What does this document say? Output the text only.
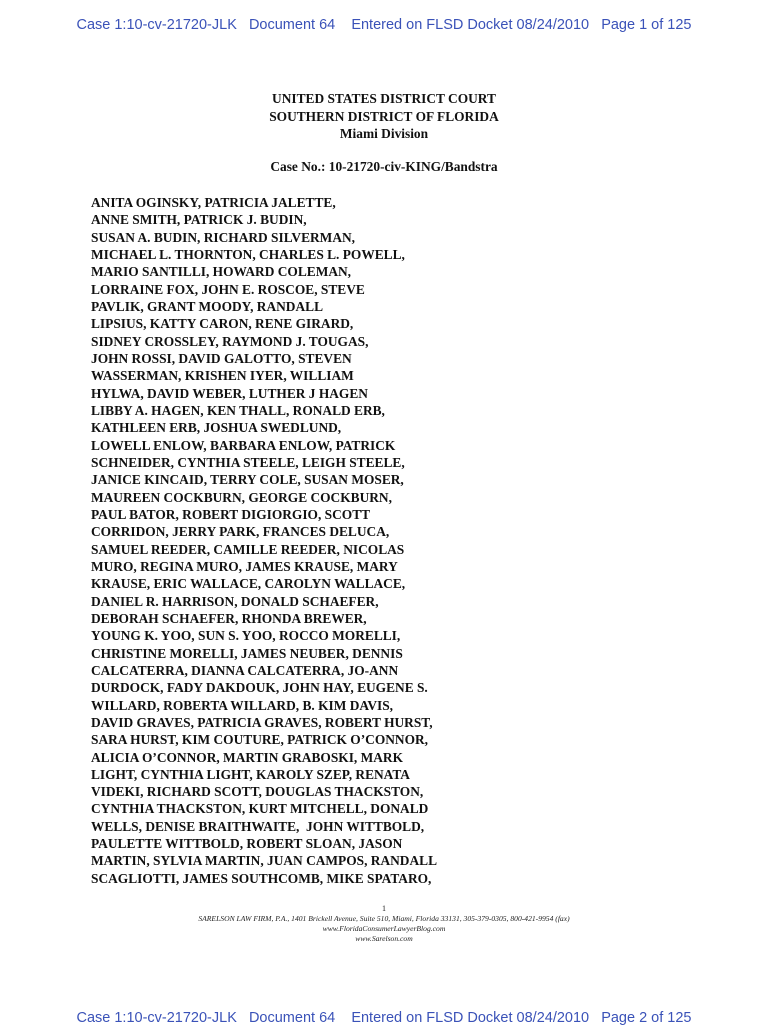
Case 1:10-cv-21720-JLK   Document 64    Entered on FLSD Docket 08/24/2010   Page 1 of 125
UNITED STATES DISTRICT COURT
SOUTHERN DISTRICT OF FLORIDA
Miami Division
Case No.: 10-21720-civ-KING/Bandstra
ANITA OGINSKY, PATRICIA JALETTE,
ANNE SMITH, PATRICK J. BUDIN,
SUSAN A. BUDIN, RICHARD SILVERMAN,
MICHAEL L. THORNTON, CHARLES L. POWELL,
MARIO SANTILLI, HOWARD COLEMAN,
LORRAINE FOX, JOHN E. ROSCOE, STEVE
PAVLIK, GRANT MOODY, RANDALL
LIPSIUS, KATTY CARON, RENE GIRARD,
SIDNEY CROSSLEY, RAYMOND J. TOUGAS,
JOHN ROSSI, DAVID GALOTTO, STEVEN
WASSERMAN, KRISHEN IYER, WILLIAM
HYLWA, DAVID WEBER, LUTHER J HAGEN
LIBBY A. HAGEN, KEN THALL, RONALD ERB,
KATHLEEN ERB, JOSHUA SWEDLUND,
LOWELL ENLOW, BARBARA ENLOW, PATRICK
SCHNEIDER, CYNTHIA STEELE, LEIGH STEELE,
JANICE KINCAID, TERRY COLE, SUSAN MOSER,
MAUREEN COCKBURN, GEORGE COCKBURN,
PAUL BATOR, ROBERT DIGIORGIO, SCOTT
CORRIDON, JERRY PARK, FRANCES DELUCA,
SAMUEL REEDER, CAMILLE REEDER, NICOLAS
MURO, REGINA MURO, JAMES KRAUSE, MARY
KRAUSE, ERIC WALLACE, CAROLYN WALLACE,
DANIEL R. HARRISON, DONALD SCHAEFER,
DEBORAH SCHAEFER, RHONDA BREWER,
YOUNG K. YOO, SUN S. YOO, ROCCO MORELLI,
CHRISTINE MORELLI, JAMES NEUBER, DENNIS
CALCATERRA, DIANNA CALCATERRA, JO-ANN
DURDOCK, FADY DAKDOUK, JOHN HAY, EUGENE S.
WILLARD, ROBERTA WILLARD, B. KIM DAVIS,
DAVID GRAVES, PATRICIA GRAVES, ROBERT HURST,
SARA HURST, KIM COUTURE, PATRICK O’CONNOR,
ALICIA O’CONNOR, MARTIN GRABOSKI, MARK
LIGHT, CYNTHIA LIGHT, KAROLY SZEP, RENATA
VIDEKI, RICHARD SCOTT, DOUGLAS THACKSTON,
CYNTHIA THACKSTON, KURT MITCHELL, DONALD
WELLS, DENISE BRAITHWAITE,  JOHN WITTBOLD,
PAULETTE WITTBOLD, ROBERT SLOAN, JASON
MARTIN, SYLVIA MARTIN, JUAN CAMPOS, RANDALL
SCAGLIOTTI, JAMES SOUTHCOMB, MIKE SPATARO,
1
SARELSON LAW FIRM, P.A., 1401 Brickell Avenue, Suite 510, Miami, Florida 33131, 305-379-0305, 800-421-9954 (fax)
www.FloridaConsumerLawyerBlog.com
www.Sarelson.com
Case 1:10-cv-21720-JLK   Document 64    Entered on FLSD Docket 08/24/2010   Page 2 of 125
